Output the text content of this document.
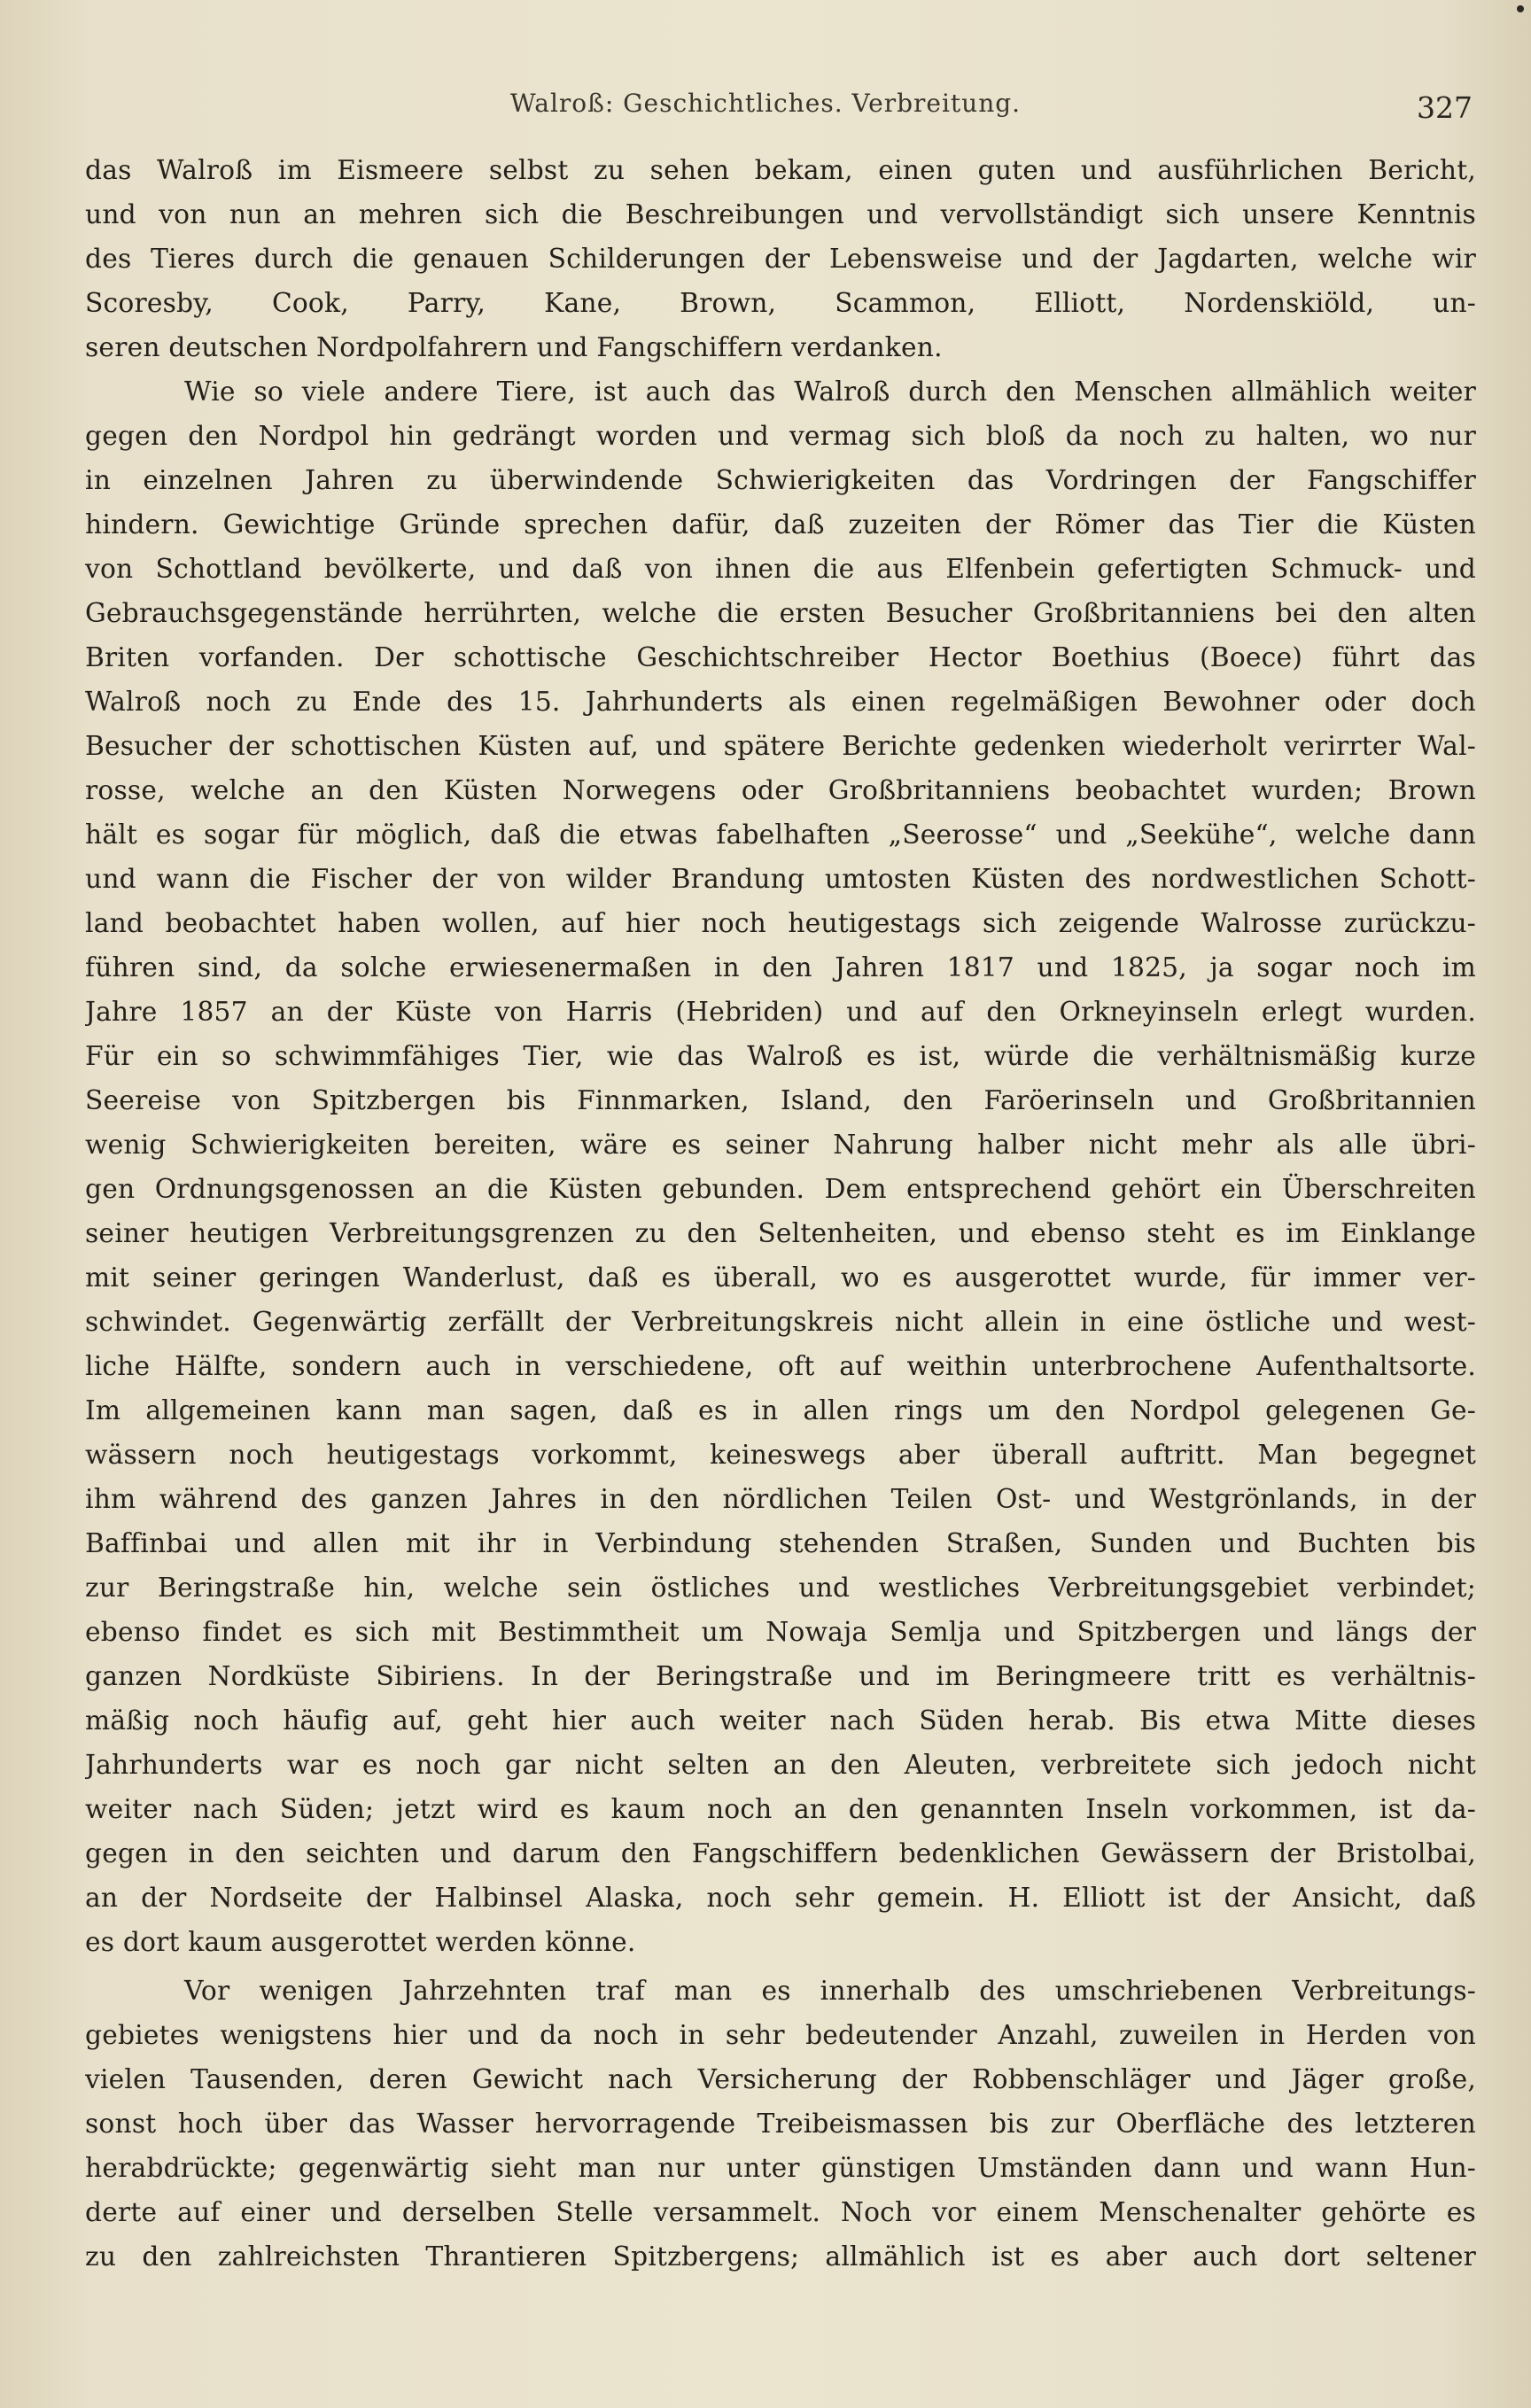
Walroß: Geschichtliches. Verbreitung.	327
das Walroß im Eismeere selbst zu sehen bekam, einen guten und ausführlichen Bericht,
und von nun an mehren sich die Beschreibungen und vervollständigt sich unsere Kenntnis
des Tieres durch die genauen Schilderungen der Lebensweise und der Jagdarten, welche wir
Scoresby, Cook, Parry, Kane, Brown, Scammon, Elliott, Nordenskiöld, un-
seren deutschen Nordpolfahrern und Fangschiffern verdanken.
Wie so viele andere Tiere, ist auch das Walroß durch den Menschen allmählich weiter
gegen den Nordpol hin gedrängt worden und vermag sich bloß da noch zu halten, wo nur
in einzelnen Jahren zu überwindende Schwierigkeiten das Vordringen der Fangschiffer
hindern. Gewichtige Gründe sprechen dafür, daß zuzeiten der Römer das Tier die Küsten
von Schottland bevölkerte, und daß von ihnen die aus Elfenbein gefertigten Schmuck- und
Gebrauchsgegenstände herrührten, welche die ersten Besucher Großbritanniens bei den alten
Briten vorfanden. Der schottische Geschichtschreiber Hector Boethius (Boece) führt das
Walroß noch zu Ende des 15. Jahrhunderts als einen regelmäßigen Bewohner oder doch
Besucher der schottischen Küsten auf, und spätere Berichte gedenken wiederholt verirrter Wal-
rosse, welche an den Küsten Norwegens oder Großbritanniens beobachtet wurden; Brown
hält es sogar für möglich, daß die etwas fabelhaften „Seerosse“ und „Seekühe“, welche dann
und wann die Fischer der von wilder Brandung umtosten Küsten des nordwestlichen Schott-
land beobachtet haben wollen, auf hier noch heutigestags sich zeigende Walrosse zurückzu-
führen sind, da solche erwiesenermaßen in den Jahren 1817 und 1825, ja sogar noch im
Jahre 1857 an der Küste von Harris (Hebriden) und auf den Orkneyinseln erlegt wurden.
Für ein so schwimmfähiges Tier, wie das Walroß es ist, würde die verhältnismäßig kurze
Seereise von Spitzbergen bis Finnmarken, Island, den Faröerinseln und Großbritannien
wenig Schwierigkeiten bereiten, wäre es seiner Nahrung halber nicht mehr als alle übri-
gen Ordnungsgenossen an die Küsten gebunden. Dem entsprechend gehört ein Überschreiten
seiner heutigen Verbreitungsgrenzen zu den Seltenheiten, und ebenso steht es im Einklange
mit seiner geringen Wanderlust, daß es überall, wo es ausgerottet wurde, für immer ver-
schwindet. Gegenwärtig zerfällt der Verbreitungskreis nicht allein in eine östliche und west-
liche Hälfte, sondern auch in verschiedene, oft auf weithin unterbrochene Aufenthaltsorte.
Im allgemeinen kann man sagen, daß es in allen rings um den Nordpol gelegenen Ge-
wässern noch heutigestags vorkommt, keineswegs aber überall auftritt. Man begegnet
ihm während des ganzen Jahres in den nördlichen Teilen Ost- und Westgrönlands, in der
Baffinbai und allen mit ihr in Verbindung stehenden Straßen, Sunden und Buchten bis
zur Beringstraße hin, welche sein östliches und westliches Verbreitungsgebiet verbindet;
ebenso findet es sich mit Bestimmtheit um Nowaja Semlja und Spitzbergen und längs der
ganzen Nordküste Sibiriens. In der Beringstraße und im Beringmeere tritt es verhältnis-
mäßig noch häufig auf, geht hier auch weiter nach Süden herab. Bis etwa Mitte dieses
Jahrhunderts war es noch gar nicht selten an den Aleuten, verbreitete sich jedoch nicht
weiter nach Süden; jetzt wird es kaum noch an den genannten Inseln vorkommen, ist da-
gegen in den seichten und darum den Fangschiffern bedenklichen Gewässern der Bristolbai,
an der Nordseite der Halbinsel Alaska, noch sehr gemein. H. Elliott ist der Ansicht, daß
es dort kaum ausgerottet werden könne.
Vor wenigen Jahrzehnten traf man es innerhalb des umschriebenen Verbreitungs-
gebietes wenigstens hier und da noch in sehr bedeutender Anzahl, zuweilen in Herden von
vielen Tausenden, deren Gewicht nach Versicherung der Robbenschläger und Jäger große,
sonst hoch über das Wasser hervorragende Treibeismassen bis zur Oberfläche des letzteren
herabdrückte; gegenwärtig sieht man nur unter günstigen Umständen dann und wann Hun-
derte auf einer und derselben Stelle versammelt. Noch vor einem Menschenalter gehörte es
zu den zahlreichsten Thrantieren Spitzbergens; allmählich ist es aber auch dort seltener
